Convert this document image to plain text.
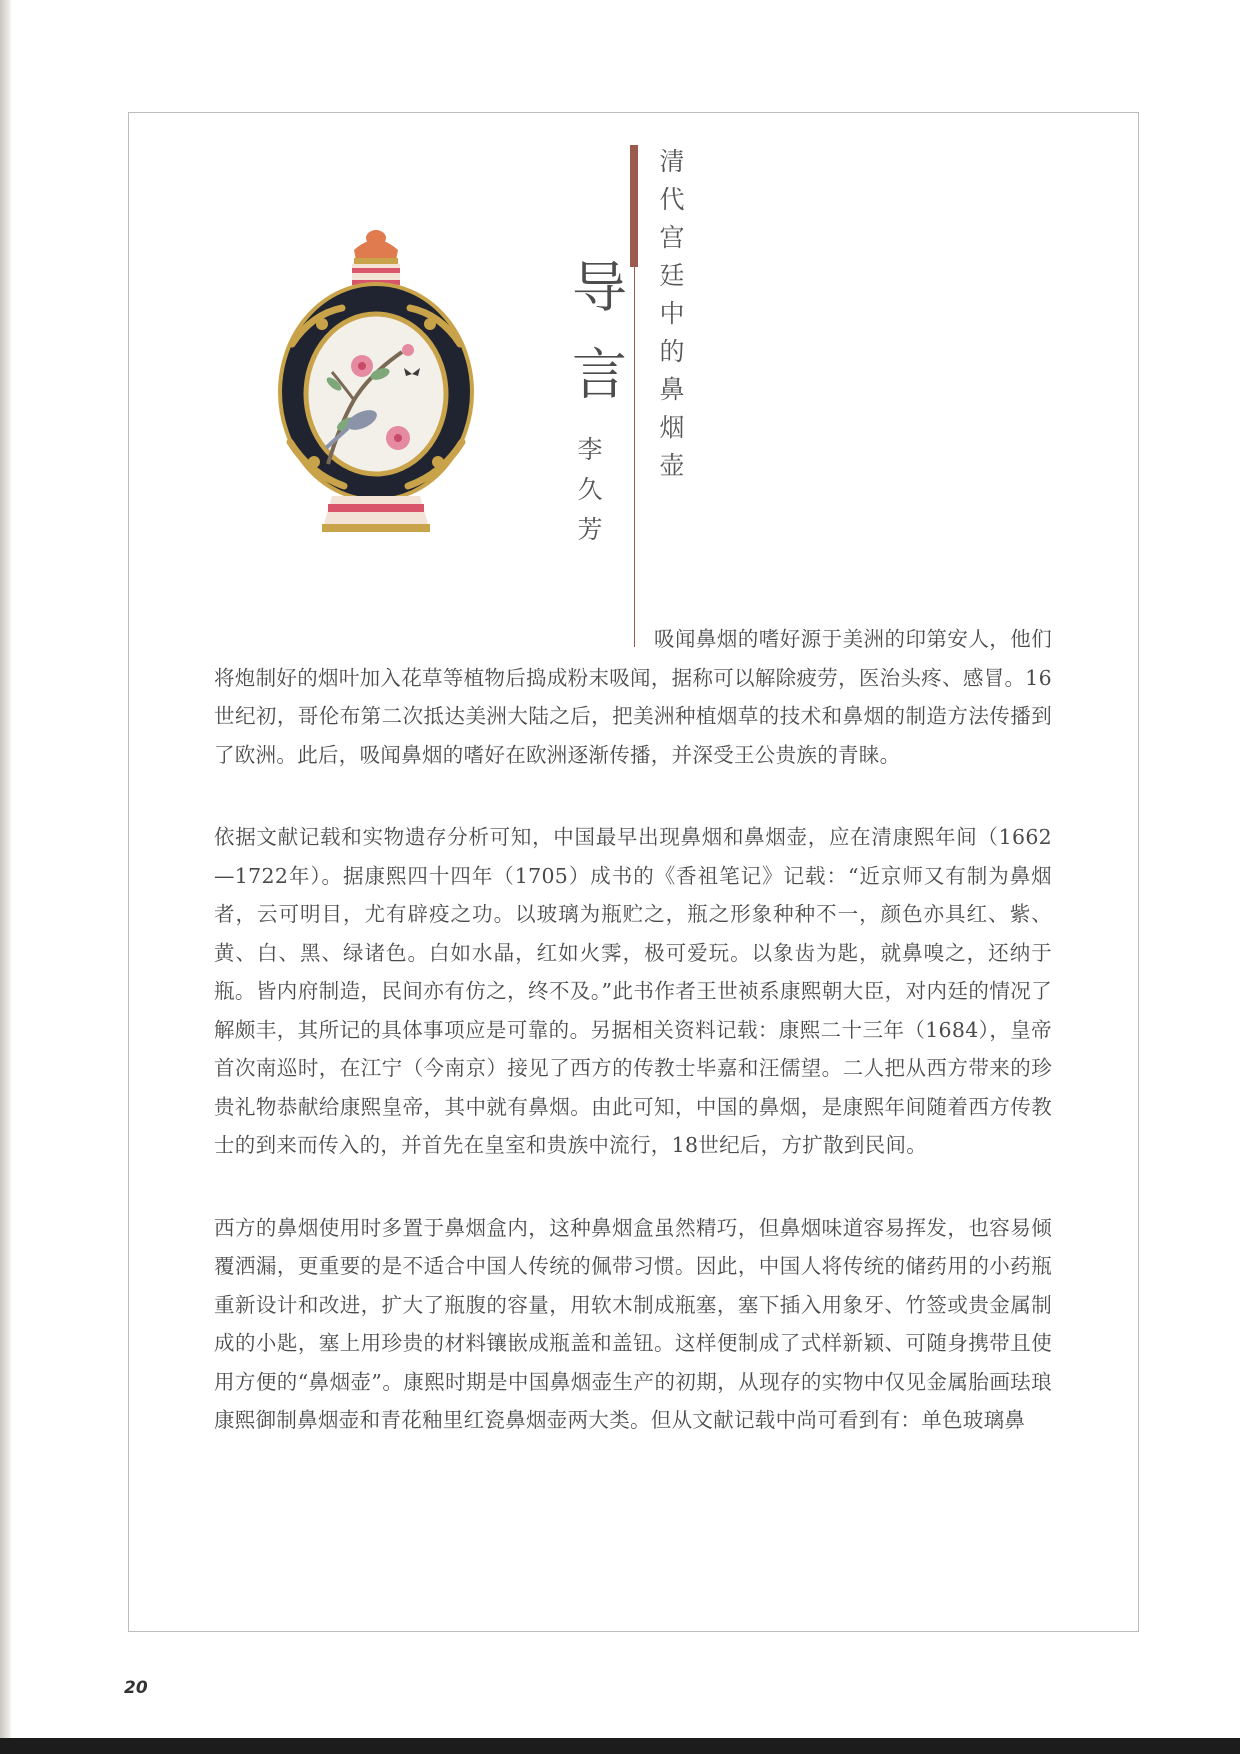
清代宫廷中的鼻烟壶
导言
李久芳

吸闻鼻烟的嗜好源于美洲的印第安人，他们将炮制好的烟叶加入花草等植物后捣成粉末吸闻，据称可以解除疲劳，医治头疼、感冒。16世纪初，哥伦布第二次抵达美洲大陆之后，把美洲种植烟草的技术和鼻烟的制造方法传播到了欧洲。此后，吸闻鼻烟的嗜好在欧洲逐渐传播，并深受王公贵族的青睐。

依据文献记载和实物遗存分析可知，中国最早出现鼻烟和鼻烟壶，应在清康熙年间（1662—1722年）。据康熙四十四年（1705）成书的《香祖笔记》记载：“近京师又有制为鼻烟者，云可明目，尤有辟疫之功。以玻璃为瓶贮之，瓶之形象种种不一，颜色亦具红、紫、黄、白、黑、绿诸色。白如水晶，红如火霁，极可爱玩。以象齿为匙，就鼻嗅之，还纳于瓶。皆内府制造，民间亦有仿之，终不及。”此书作者王世祯系康熙朝大臣，对内廷的情况了解颇丰，其所记的具体事项应是可靠的。另据相关资料记载：康熙二十三年（1684），皇帝首次南巡时，在江宁（今南京）接见了西方的传教士毕嘉和汪儒望。二人把从西方带来的珍贵礼物恭献给康熙皇帝，其中就有鼻烟。由此可知，中国的鼻烟，是康熙年间随着西方传教士的到来而传入的，并首先在皇室和贵族中流行，18世纪后，方扩散到民间。

西方的鼻烟使用时多置于鼻烟盒内，这种鼻烟盒虽然精巧，但鼻烟味道容易挥发，也容易倾覆洒漏，更重要的是不适合中国人传统的佩带习惯。因此，中国人将传统的储药用的小药瓶重新设计和改进，扩大了瓶腹的容量，用软木制成瓶塞，塞下插入用象牙、竹签或贵金属制成的小匙，塞上用珍贵的材料镶嵌成瓶盖和盖钮。这样便制成了式样新颖、可随身携带且使用方便的“鼻烟壶”。康熙时期是中国鼻烟壶生产的初期，从现存的实物中仅见金属胎画珐琅康熙御制鼻烟壶和青花釉里红瓷鼻烟壶两大类。但从文献记载中尚可看到有：单色玻璃鼻

20
